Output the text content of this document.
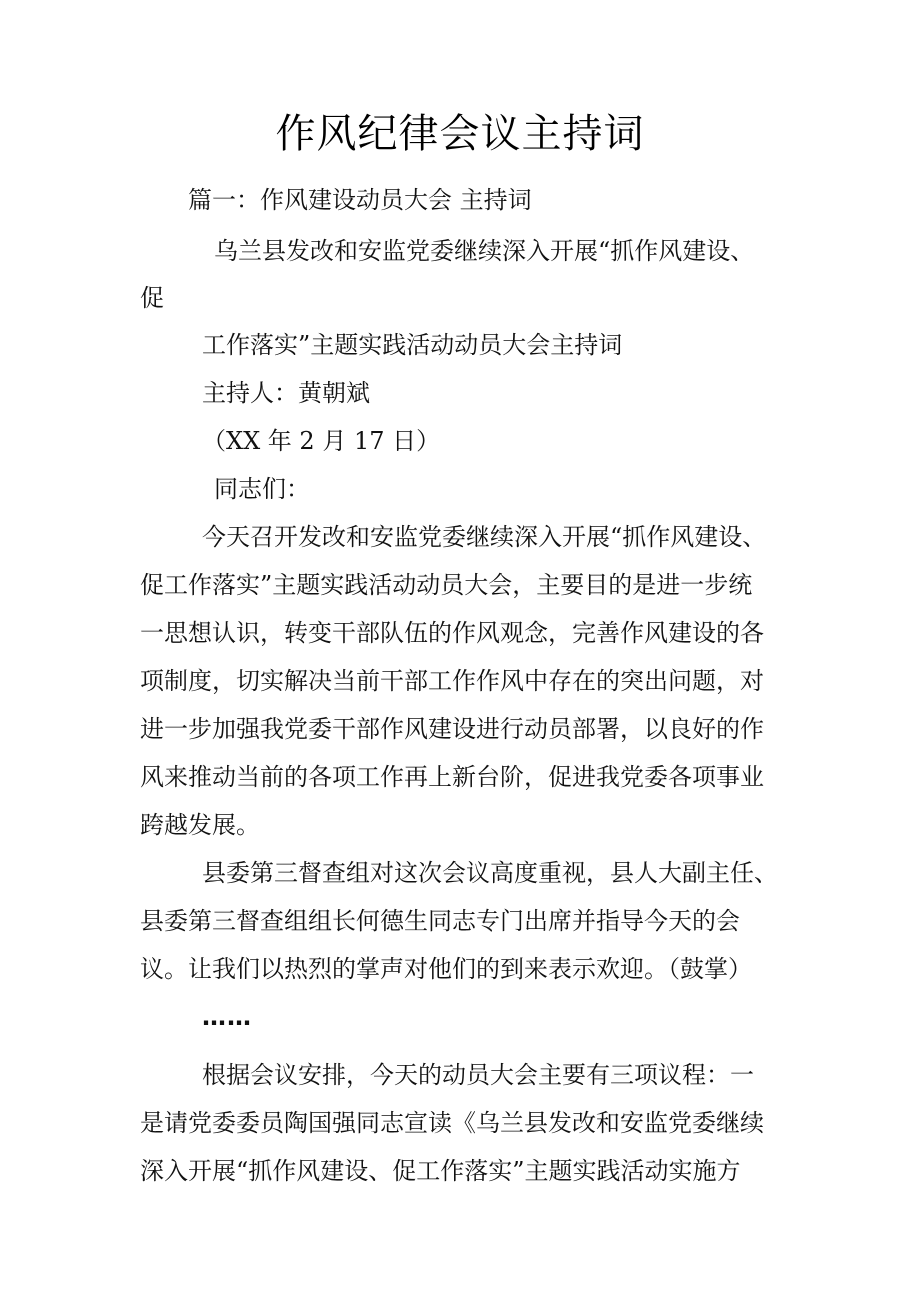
作风纪律会议主持词
篇一：作风建设动员大会 主持词
乌兰县发改和安监党委继续深入开展“抓作风建设、
促
工作落实”主题实践活动动员大会主持词
主持人：黄朝斌
（XX 年 2 月 17 日）
同志们：
今天召开发改和安监党委继续深入开展“抓作风建设、
促工作落实”主题实践活动动员大会，主要目的是进一步统
一思想认识，转变干部队伍的作风观念，完善作风建设的各
项制度，切实解决当前干部工作作风中存在的突出问题，对
进一步加强我党委干部作风建设进行动员部署，以良好的作
风来推动当前的各项工作再上新台阶，促进我党委各项事业
跨越发展。
县委第三督查组对这次会议高度重视，县人大副主任、
县委第三督查组组长何德生同志专门出席并指导今天的会
议。让我们以热烈的掌声对他们的到来表示欢迎。（鼓掌）
……
根据会议安排，今天的动员大会主要有三项议程：一
是请党委委员陶国强同志宣读《乌兰县发改和安监党委继续
深入开展“抓作风建设、促工作落实”主题实践活动实施方
